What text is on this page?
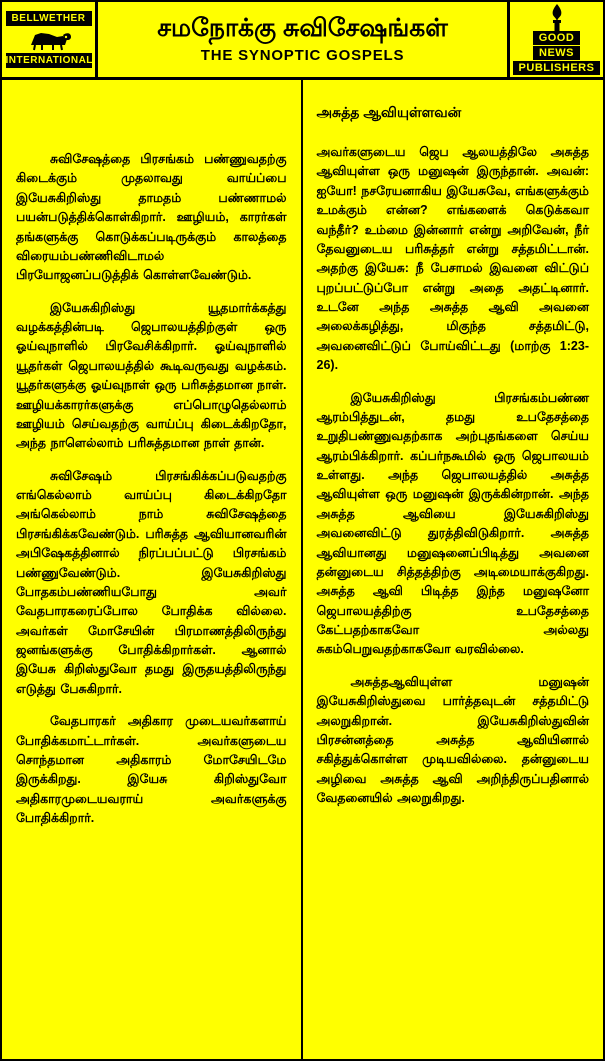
BELLWETHER
INTERNATIONAL
சமநோக்கு சுவிசேஷங்கள்
THE SYNOPTIC GOSPELS
GOOD
NEWS
PUBLISHERS

சுவிசேஷத்தை பிரசங்கம் பண்ணுவதற்கு கிடைக்கும் முதலாவது வாய்ப்பை இயேசுகிறிஸ்து தாமதம் பண்ணாமல் பயன்படுத்திக்கொள்கிறார். ஊழியம், காரர்கள் தங்களுக்கு கொடுக்கப்படிருக்கும் காலத்தை விரையம்பண்ணிவிடாமல் பிரயோஜனப்படுத்திக் கொள்ளவேண்டும்.

இயேசுகிறிஸ்து யூதமார்க்கத்து வழக்கத்தின்படி ஜெபாலயத்திற்குள் ஒரு ஓய்வுநாளில் பிரவேசிக்கிறார். ஓய்வுநாளில் யூதர்கள் ஜெபாலயத்தில் கூடிவருவது வழக்கம். யூதர்களுக்கு ஓய்வுநாள் ஒரு பரிசுத்தமான நாள். ஊழியக்காரர்களுக்கு எப்பொழுதெல்லாம் ஊழியம் செய்வதற்கு வாய்ப்பு கிடைக்கிறதோ, அந்த நாளெல்லாம் பரிசுத்தமான நாள் தான்.

சுவிசேஷம் பிரசங்கிக்கப்படுவதற்கு எங்கெல்லாம் வாய்ப்பு கிடைக்கிறதோ அங்கெல்லாம் நாம் சுவிசேஷத்தை பிரசங்கிக்கவேண்டும். பரிசுத்த ஆவியானவரின் அபிஷேகத்தினால் நிரப்பப்பட்டு பிரசங்கம் பண்ணுவேண்டும். இயேசுகிறிஸ்து போதகம்பண்ணியபோது அவர் வேதபாரகரைப்போல போதிக்க வில்லை. அவர்கள் மோசேயின் பிரமாணத்திலிருந்து ஜனங்களுக்கு போதிக்கிறார்கள். ஆனால் இயேசு கிறிஸ்துவோ தமது இருதயத்திலிருந்து எடுத்து பேசுகிறார்.

வேதபாரகர் அதிகார முடையவர்களாய் போதிக்கமாட்டார்கள். அவர்களுடைய சொந்தமான அதிகாரம் மோசேயிடமே இருக்கிறது. இயேசு கிறிஸ்துவோ அதிகாரமுடையவராய் அவர்களுக்கு போதிக்கிறார்.

அசுத்த ஆவியுள்ளவன்

அவர்களுடைய ஜெப ஆலயத்திலே அசுத்த ஆவியுள்ள ஒரு மனுஷன் இருந்தான். அவன்: ஐயோ! நசரேயனாகிய இயேசுவே, எங்களுக்கும் உமக்கும் என்ன? எங்களைக் கெடுக்கவா வந்தீர்? உம்மை இன்னார் என்று அறிவேன், நீர் தேவனுடைய பரிசுத்தர் என்று சத்தமிட்டான். அதற்கு இயேசு: நீ பேசாமல் இவனை விட்டுப் புறப்பட்டுப்போ என்று அதை அதட்டினார். உடனே அந்த அசுத்த ஆவி அவனை அலைக்கழித்து, மிகுந்த சத்தமிட்டு, அவனைவிட்டுப் போய்விட்டது (மாற்கு 1:23-26).

இயேசுகிறிஸ்து பிரசங்கம்பண்ண ஆரம்பித்துடன், தமது உபதேசத்தை உறுதிபண்ணுவதற்காக அற்புதங்களை செய்ய ஆரம்பிக்கிறார். கப்பர்நகூமில் ஒரு ஜெபாலயம் உள்ளது. அந்த ஜெபாலயத்தில் அசுத்த ஆவியுள்ள ஒரு மனுஷன் இருக்கின்றான். அந்த அசுத்த ஆவியை இயேசுகிறிஸ்து அவனைவிட்டு துரத்திவிடுகிறார். அசுத்த ஆவியானது மனுஷனைப்பிடித்து அவனை தன்னுடைய சித்தத்திற்கு அடிமையாக்குகிறது. அசுத்த ஆவி பிடித்த இந்த மனுஷனோ ஜெபாலயத்திற்கு உபதேசத்தை கேட்பதற்காகவோ அல்லது சுகம்பெறுவதற்காகவோ வரவில்லை.

அசுத்தஆவியுள்ள மனுஷன் இயேசுகிறிஸ்துவை பார்த்தவுடன் சத்தமிட்டு அலறுகிறான். இயேசுகிறிஸ்துவின் பிரசன்னத்தை அசுத்த ஆவியினால் சகித்துக்கொள்ள முடியவில்லை. தன்னுடைய அழிவை அசுத்த ஆவி அறிந்திருப்பதினால் வேதனையில் அலறுகிறது.
